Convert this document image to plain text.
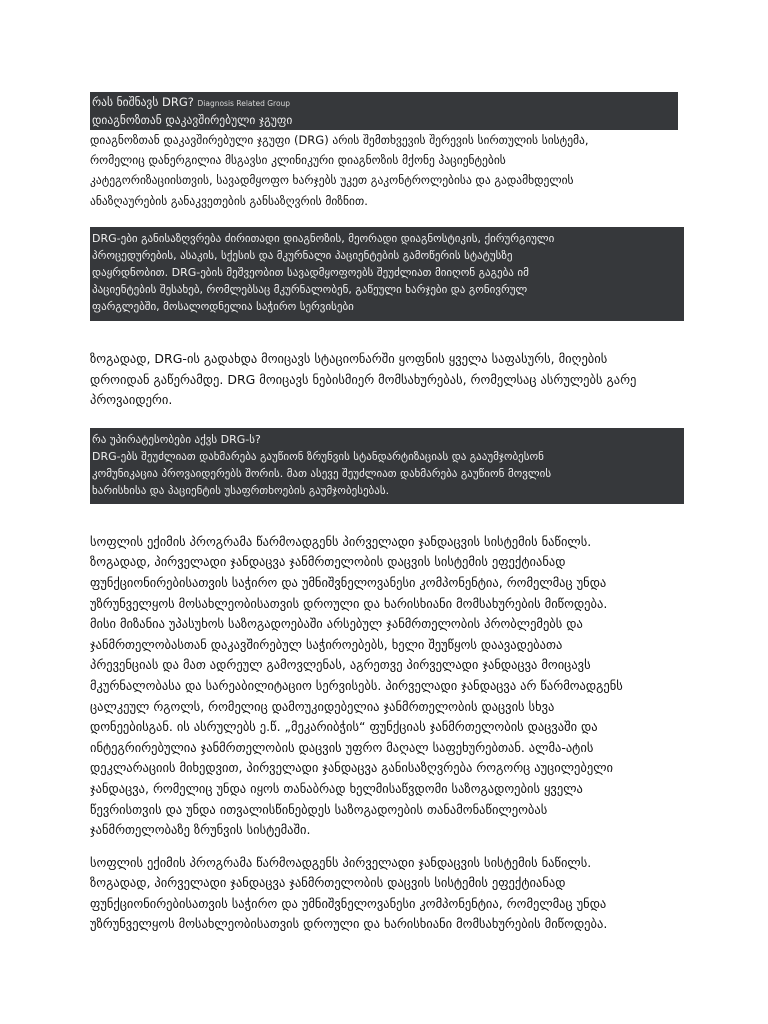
რას ნიშნავს DRG? Diagnosis Related Group
დიაგნოზთან დაკავშირებული ჯგუფი
დიაგნოზთან დაკავშირებული ჯგუფი (DRG) არის შემთხვევის შერევის სირთულის სისტემა,
რომელიც დანერგილია მსგავსი კლინიკური დიაგნოზის მქონე პაციენტების
კატეგორიზაციისთვის, სავადმყოფო ხარჯებს უკეთ გაკონტროლებისა და გადამხდელის
ანაზღაურების განაკვეთების განსაზღვრის მიზნით.
DRG-ები განისაზღვრება ძირითადი დიაგნოზის, მეორადი დიაგნოსტიკის, ქირურგიული
პროცედურების, ასაკის, სქესის და მკურნალი პაციენტების გამოწერის სტატუსზე
დაყრდნობით. DRG-ების მეშვეობით სავადმყოფოებს შეუძლიათ მიიღონ გაგება იმ
პაციენტების შესახებ, რომლებსაც მკურნალობენ, გაწეული ხარჯები და გონივრულ
ფარგლებში, მოსალოდნელია საჭირო სერვისები
ზოგადად, DRG-ის გადახდა მოიცავს სტაციონარში ყოფნის ყველა საფასურს, მიღების
დროიდან გაწერამდე. DRG მოიცავს ნებისმიერ მომსახურებას, რომელსაც ასრულებს გარე
პროვაიდერი.
რა უპირატესობები აქვს DRG-ს?
DRG-ებს შეუძლიათ დახმარება გაუწიონ ზრუნვის სტანდარტიზაციას და გააუმჯობესონ
კომუნიკაცია პროვაიდერებს შორის. მათ ასევე შეუძლიათ დახმარება გაუწიონ მოვლის
ხარისხისა და პაციენტის უსაფრთხოების გაუმჯობესებას.
სოფლის ექიმის პროგრამა წარმოადგენს პირველადი ჯანდაცვის სისტემის ნაწილს.
ზოგადად, პირველადი ჯანდაცვა ჯანმრთელობის დაცვის სისტემის ეფექტიანად
ფუნქციონირებისათვის საჭირო და უმნიშვნელოვანესი კომპონენტია, რომელმაც უნდა
უზრუნველყოს მოსახლეობისათვის დროული და ხარისხიანი მომსახურების მიწოდება.
მისი მიზანია უპასუხოს საზოგადოებაში არსებულ ჯანმრთელობის პრობლემებს და
ჯანმრთელობასთან დაკავშირებულ საჭიროებებს, ხელი შეუწყოს დაავადებათა
პრევენციას და მათ ადრეულ გამოვლენას, აგრეთვე პირველადი ჯანდაცვა მოიცავს
მკურნალობასა და სარეაბილიტაციო სერვისებს. პირველადი ჯანდაცვა არ წარმოადგენს
ცალკეულ რგოლს, რომელიც დამოუკიდებელია ჯანმრთელობის დაცვის სხვა
დონეებისგან. ის ასრულებს ე.წ. „მეკარიბჭის“ ფუნქციას ჯანმრთელობის დაცვაში და
ინტეგრირებულია ჯანმრთელობის დაცვის უფრო მაღალ საფეხურებთან. ალმა-ატის
დეკლარაციის მიხედვით, პირველადი ჯანდაცვა განისაზღვრება როგორც აუცილებელი
ჯანდაცვა, რომელიც უნდა იყოს თანაბრად ხელმისაწვდომი საზოგადოების ყველა
წევრისთვის და უნდა ითვალისწინებდეს საზოგადოების თანამონაწილეობას
ჯანმრთელობაზე ზრუნვის სისტემაში.
სოფლის ექიმის პროგრამა წარმოადგენს პირველადი ჯანდაცვის სისტემის ნაწილს.
ზოგადად, პირველადი ჯანდაცვა ჯანმრთელობის დაცვის სისტემის ეფექტიანად
ფუნქციონირებისათვის საჭირო და უმნიშვნელოვანესი კომპონენტია, რომელმაც უნდა
უზრუნველყოს მოსახლეობისათვის დროული და ხარისხიანი მომსახურების მიწოდება.
